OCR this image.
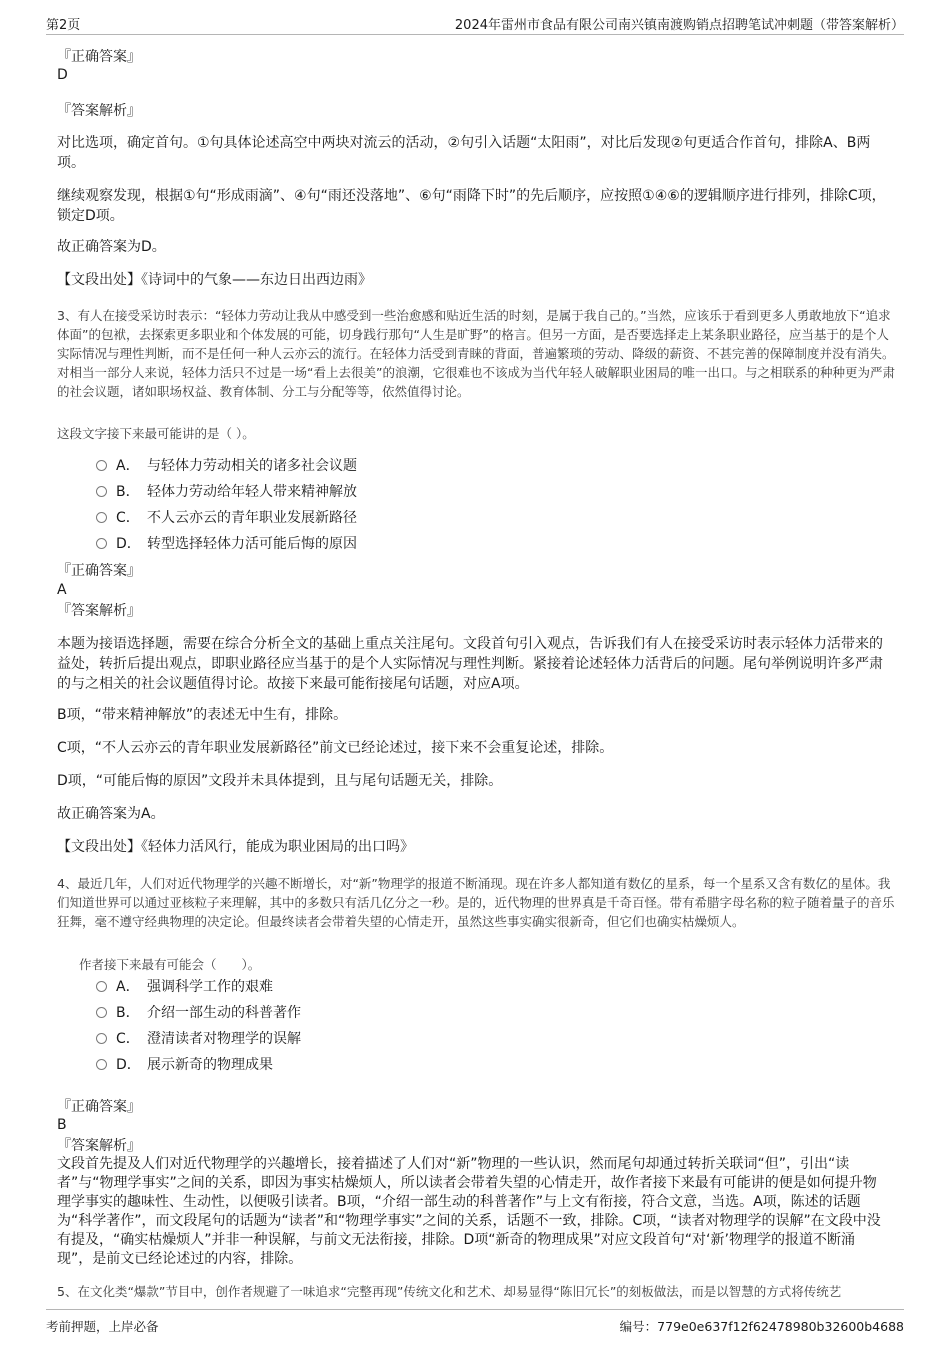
第2页	2024年雷州市食品有限公司南兴镇南渡购销点招聘笔试冲刺题（带答案解析）
『正确答案』
D
『答案解析』

对比选项，确定首句。①句具体论述高空中两块对流云的活动，②句引入话题“太阳雨”，对比后发现②句更适合作首句，排除A、B两项。

继续观察发现，根据①句“形成雨滴”、④句“雨还没落地”、⑥句“雨降下时”的先后顺序，应按照①④⑥的逻辑顺序进行排列，排除C项，锁定D项。

故正确答案为D。
【文段出处】《诗词中的气象——东边日出西边雨》

3、有人在接受采访时表示：“轻体力劳动让我从中感受到一些治愈感和贴近生活的时刻，是属于我自己的。”当然，应该乐于看到更多人勇敢地放下“追求体面”的包袱，去探索更多职业和个体发展的可能，切身践行那句“人生是旷野”的格言。但另一方面，是否要选择走上某条职业路径，应当基于的是个人实际情况与理性判断，而不是任何一种人云亦云的流行。在轻体力活受到青睐的背面，普遍繁琐的劳动、降级的薪资、不甚完善的保障制度并没有消失。对相当一部分人来说，轻体力活只不过是一场“看上去很美”的浪潮，它很难也不该成为当代年轻人破解职业困局的唯一出口。与之相联系的种种更为严肃的社会议题，诸如职场权益、教育体制、分工与分配等等，依然值得讨论。

这段文字接下来最可能讲的是（ ）。
A． 与轻体力劳动相关的诸多社会议题
B． 轻体力劳动给年轻人带来精神解放
C． 不人云亦云的青年职业发展新路径
D． 转型选择轻体力活可能后悔的原因
『正确答案』
A
『答案解析』

本题为接语选择题，需要在综合分析全文的基础上重点关注尾句。文段首句引入观点，告诉我们有人在接受采访时表示轻体力活带来的益处，转折后提出观点，即职业路径应当基于的是个人实际情况与理性判断。紧接着论述轻体力活背后的问题。尾句举例说明许多严肃的与之相关的社会议题值得讨论。故接下来最可能衔接尾句话题，对应A项。

B项，“带来精神解放”的表述无中生有，排除。
C项，“不人云亦云的青年职业发展新路径”前文已经论述过，接下来不会重复论述，排除。
D项，“可能后悔的原因”文段并未具体提到，且与尾句话题无关，排除。
故正确答案为A。
【文段出处】《轻体力活风行，能成为职业困局的出口吗》

4、最近几年，人们对近代物理学的兴趣不断增长，对“新”物理学的报道不断涌现。现在许多人都知道有数亿的星系，每一个星系又含有数亿的星体。我们知道世界可以通过亚核粒子来理解，其中的多数只有活几亿分之一秒。是的，近代物理的世界真是千奇百怪。带有希腊字母名称的粒子随着量子的音乐狂舞，毫不遵守经典物理的决定论。但最终读者会带着失望的心情走开，虽然这些事实确实很新奇，但它们也确实枯燥烦人。

作者接下来最有可能会（　　）。
A． 强调科学工作的艰难
B． 介绍一部生动的科普著作
C． 澄清读者对物理学的误解
D． 展示新奇的物理成果
『正确答案』
B
『答案解析』

文段首先提及人们对近代物理学的兴趣增长，接着描述了人们对“新”物理的一些认识，然而尾句却通过转折关联词“但”，引出“读者”与“物理学事实”之间的关系，即因为事实枯燥烦人，所以读者会带着失望的心情走开，故作者接下来最有可能讲的便是如何提升物理学事实的趣味性、生动性，以便吸引读者。B项，“介绍一部生动的科普著作”与上文有衔接，符合文意，当选。A项，陈述的话题为“科学著作”，而文段尾句的话题为“读者”和“物理学事实”之间的关系，话题不一致，排除。C项，“读者对物理学的误解”在文段中没有提及，“确实枯燥烦人”并非一种误解，与前文无法衔接，排除。D项“新奇的物理成果”对应文段首句“对‘新’物理学的报道不断涌现”，是前文已经论述过的内容，排除。

5、在文化类“爆款”节目中，创作者规避了一味追求“完整再现”传统文化和艺术、却易显得“陈旧冗长”的刻板做法，而是以智慧的方式将传统艺
考前押题，上岸必备	编号：779e0e637f12f62478980b32600b4688
